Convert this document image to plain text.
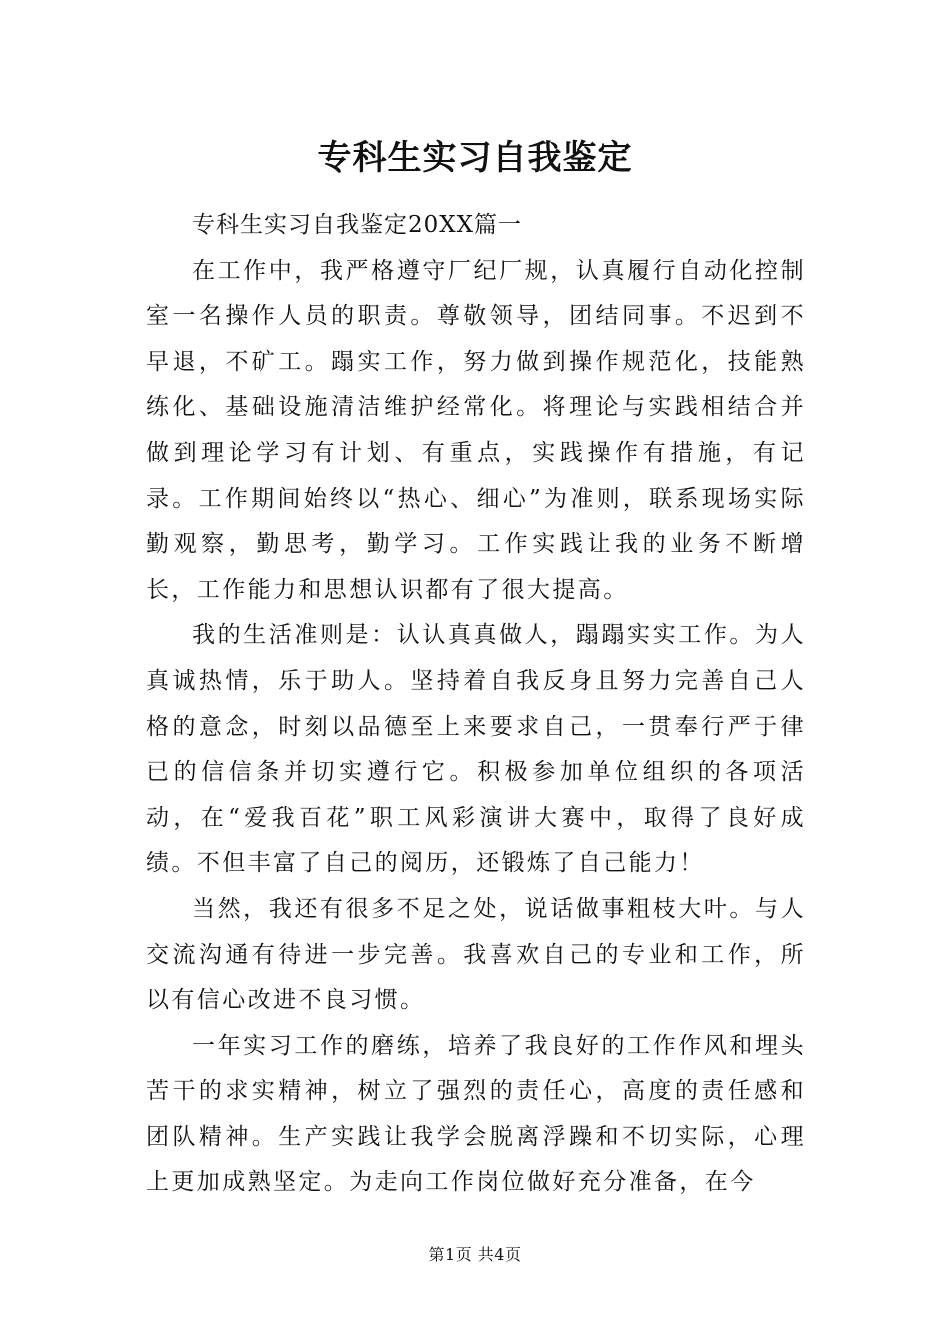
专科生实习自我鉴定

专科生实习自我鉴定20XX篇一

在工作中，我严格遵守厂纪厂规，认真履行自动化控制室一名操作人员的职责。尊敬领导，团结同事。不迟到不早退，不矿工。蹋实工作，努力做到操作规范化，技能熟练化、基础设施清洁维护经常化。将理论与实践相结合并做到理论学习有计划、有重点，实践操作有措施，有记录。工作期间始终以“热心、细心”为准则，联系现场实际勤观察，勤思考，勤学习。工作实践让我的业务不断增长，工作能力和思想认识都有了很大提高。

我的生活准则是：认认真真做人，蹋蹋实实工作。为人真诚热情，乐于助人。坚持着自我反身且努力完善自己人格的意念，时刻以品德至上来要求自己，一贯奉行严于律已的信信条并切实遵行它。积极参加单位组织的各项活动，在“爱我百花”职工风彩演讲大赛中，取得了良好成绩。不但丰富了自己的阅历，还锻炼了自己能力！

当然，我还有很多不足之处，说话做事粗枝大叶。与人交流沟通有待进一步完善。我喜欢自己的专业和工作，所以有信心改进不良习惯。

一年实习工作的磨练，培养了我良好的工作作风和埋头苦干的求实精神，树立了强烈的责任心，高度的责任感和团队精神。生产实践让我学会脱离浮躁和不切实际，心理上更加成熟坚定。为走向工作岗位做好充分准备，在今

第1页 共4页
